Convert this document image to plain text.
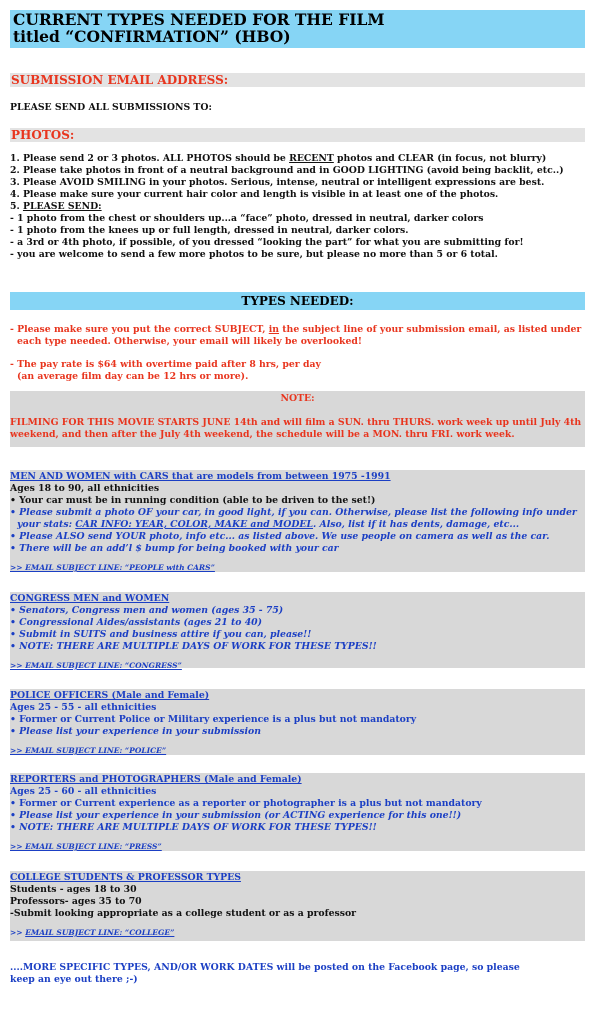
CURRENT TYPES NEEDED FOR THE FILM
titled “CONFIRMATION” (HBO)
SUBMISSION EMAIL ADDRESS:
PLEASE SEND ALL SUBMISSIONS TO:
PHOTOS:
1. Please send 2 or 3 photos. ALL PHOTOS should be RECENT photos and CLEAR (in focus, not blurry)
2. Please take photos in front of a neutral background and in GOOD LIGHTING (avoid being backlit, etc..)
3. Please AVOID SMILING in your photos. Serious, intense, neutral or intelligent expressions are best.
4. Please make sure your current hair color and length is visible in at least one of the photos.
5. PLEASE SEND:
- 1 photo from the chest or shoulders up...a “face” photo, dressed in neutral, darker colors
- 1 photo from the knees up or full length, dressed in neutral, darker colors.
- a 3rd or 4th photo, if possible, of you dressed “looking the part” for what you are submitting for!
- you are welcome to send a few more photos to be sure, but please no more than 5 or 6 total.
TYPES NEEDED:
- Please make sure you put the correct SUBJECT, in the subject line of your submission email, as listed under
each type needed. Otherwise, your email will likely be overlooked!
- The pay rate is $64 with overtime paid after 8 hrs, per day
(an average film day can be 12 hrs or more).
NOTE:
FILMING FOR THIS MOVIE STARTS JUNE 14th and will film a SUN. thru THURS. work week up until July 4th
weekend, and then after the July 4th weekend, the schedule will be a MON. thru FRI. work week.
MEN AND WOMEN with CARS that are models from between 1975 -1991
Ages 18 to 90, all ethnicities
• Your car must be in running condition (able to be driven to the set!)
• Please submit a photo OF your car, in good light, if you can. Otherwise, please list the following info under
your stats: CAR INFO: YEAR, COLOR, MAKE and MODEL. Also, list if it has dents, damage, etc...
• Please ALSO send YOUR photo, info etc... as listed above. We use people on camera as well as the car.
• There will be an add’l $ bump for being booked with your car
>> EMAIL SUBJECT LINE: “PEOPLE with CARS”
CONGRESS MEN and WOMEN
• Senators, Congress men and women (ages 35 - 75)
• Congressional Aides/assistants (ages 21 to 40)
• Submit in SUITS and business attire if you can, please!!
• NOTE: THERE ARE MULTIPLE DAYS OF WORK FOR THESE TYPES!!
>> EMAIL SUBJECT LINE: “CONGRESS”
POLICE OFFICERS (Male and Female)
Ages 25 - 55 - all ethnicities
• Former or Current Police or Military experience is a plus but not mandatory
• Please list your experience in your submission
>> EMAIL SUBJECT LINE: “POLICE”
REPORTERS and PHOTOGRAPHERS (Male and Female)
Ages 25 - 60 - all ethnicities
• Former or Current experience as a reporter or photographer is a plus but not mandatory
• Please list your experience in your submission (or ACTING experience for this one!!)
• NOTE: THERE ARE MULTIPLE DAYS OF WORK FOR THESE TYPES!!
>> EMAIL SUBJECT LINE: “PRESS”
COLLEGE STUDENTS & PROFESSOR TYPES
Students - ages 18 to 30
Professors- ages 35 to 70
-Submit looking appropriate as a college student or as a professor
>> EMAIL SUBJECT LINE: “COLLEGE”
....MORE SPECIFIC TYPES, AND/OR WORK DATES will be posted on the Facebook page, so please
keep an eye out there ;-)
